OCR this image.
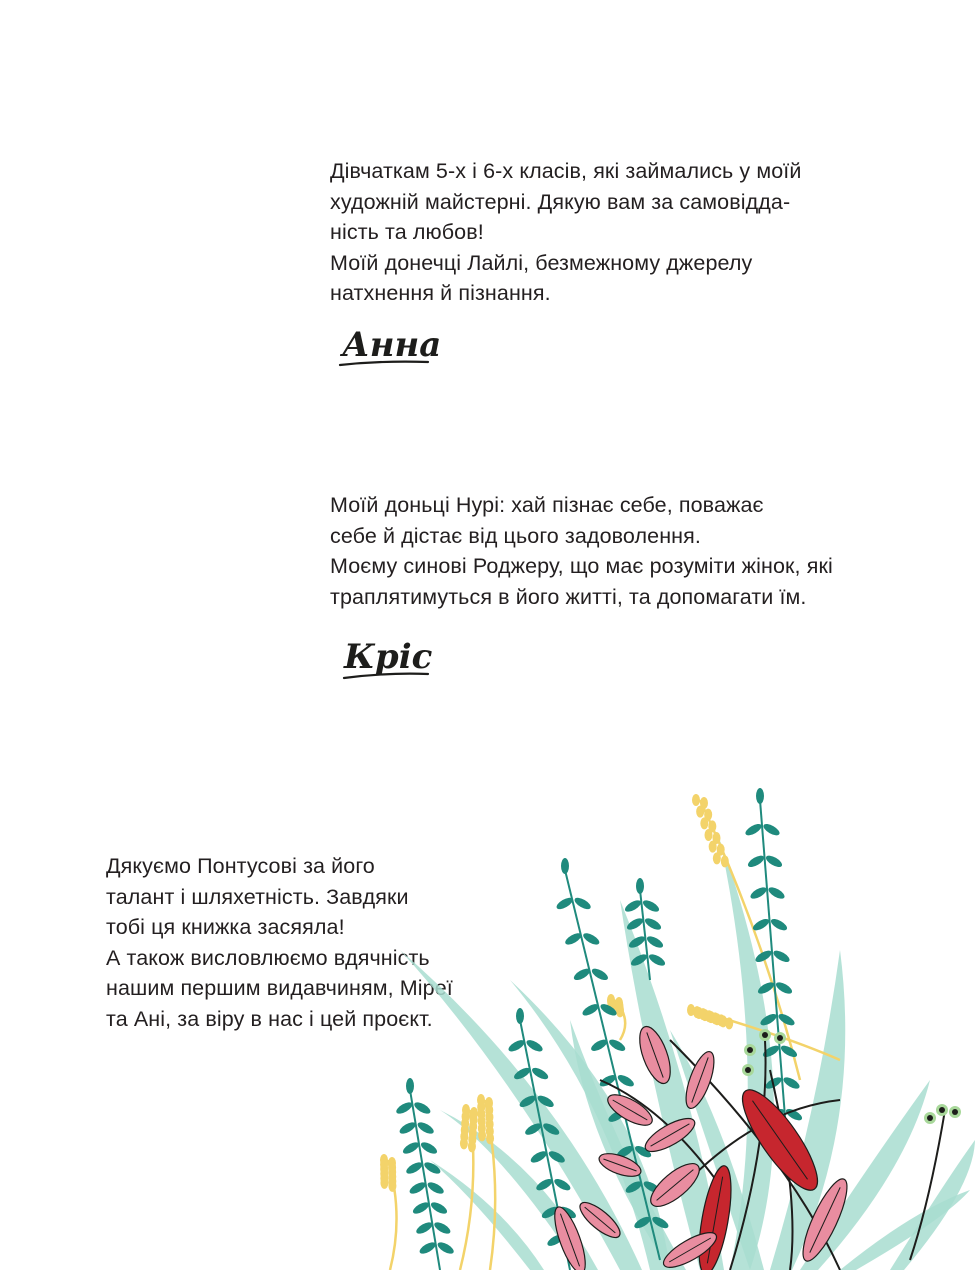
Дівчаткам 5-х і 6-х класів, які займались у моїй
художній майстерні. Дякую вам за самовідда-
ність та любов!
Моїй донечці Лайлі, безмежному джерелу
натхнення й пізнання.
Анна
Моїй доньці Нурі: хай пізнає себе, поважає
себе й дістає від цього задоволення.
Моєму синові Роджеру, що має розуміти жінок, які
траплятимуться в його житті, та допомагати їм.
Кріс
Дякуємо Понтусові за його
талант і шляхетність. Завдяки
тобі ця книжка засяяла!
А також висловлюємо вдячність
нашим першим видавчиням, Міреї
та Ані, за віру в нас і цей проєкт.
